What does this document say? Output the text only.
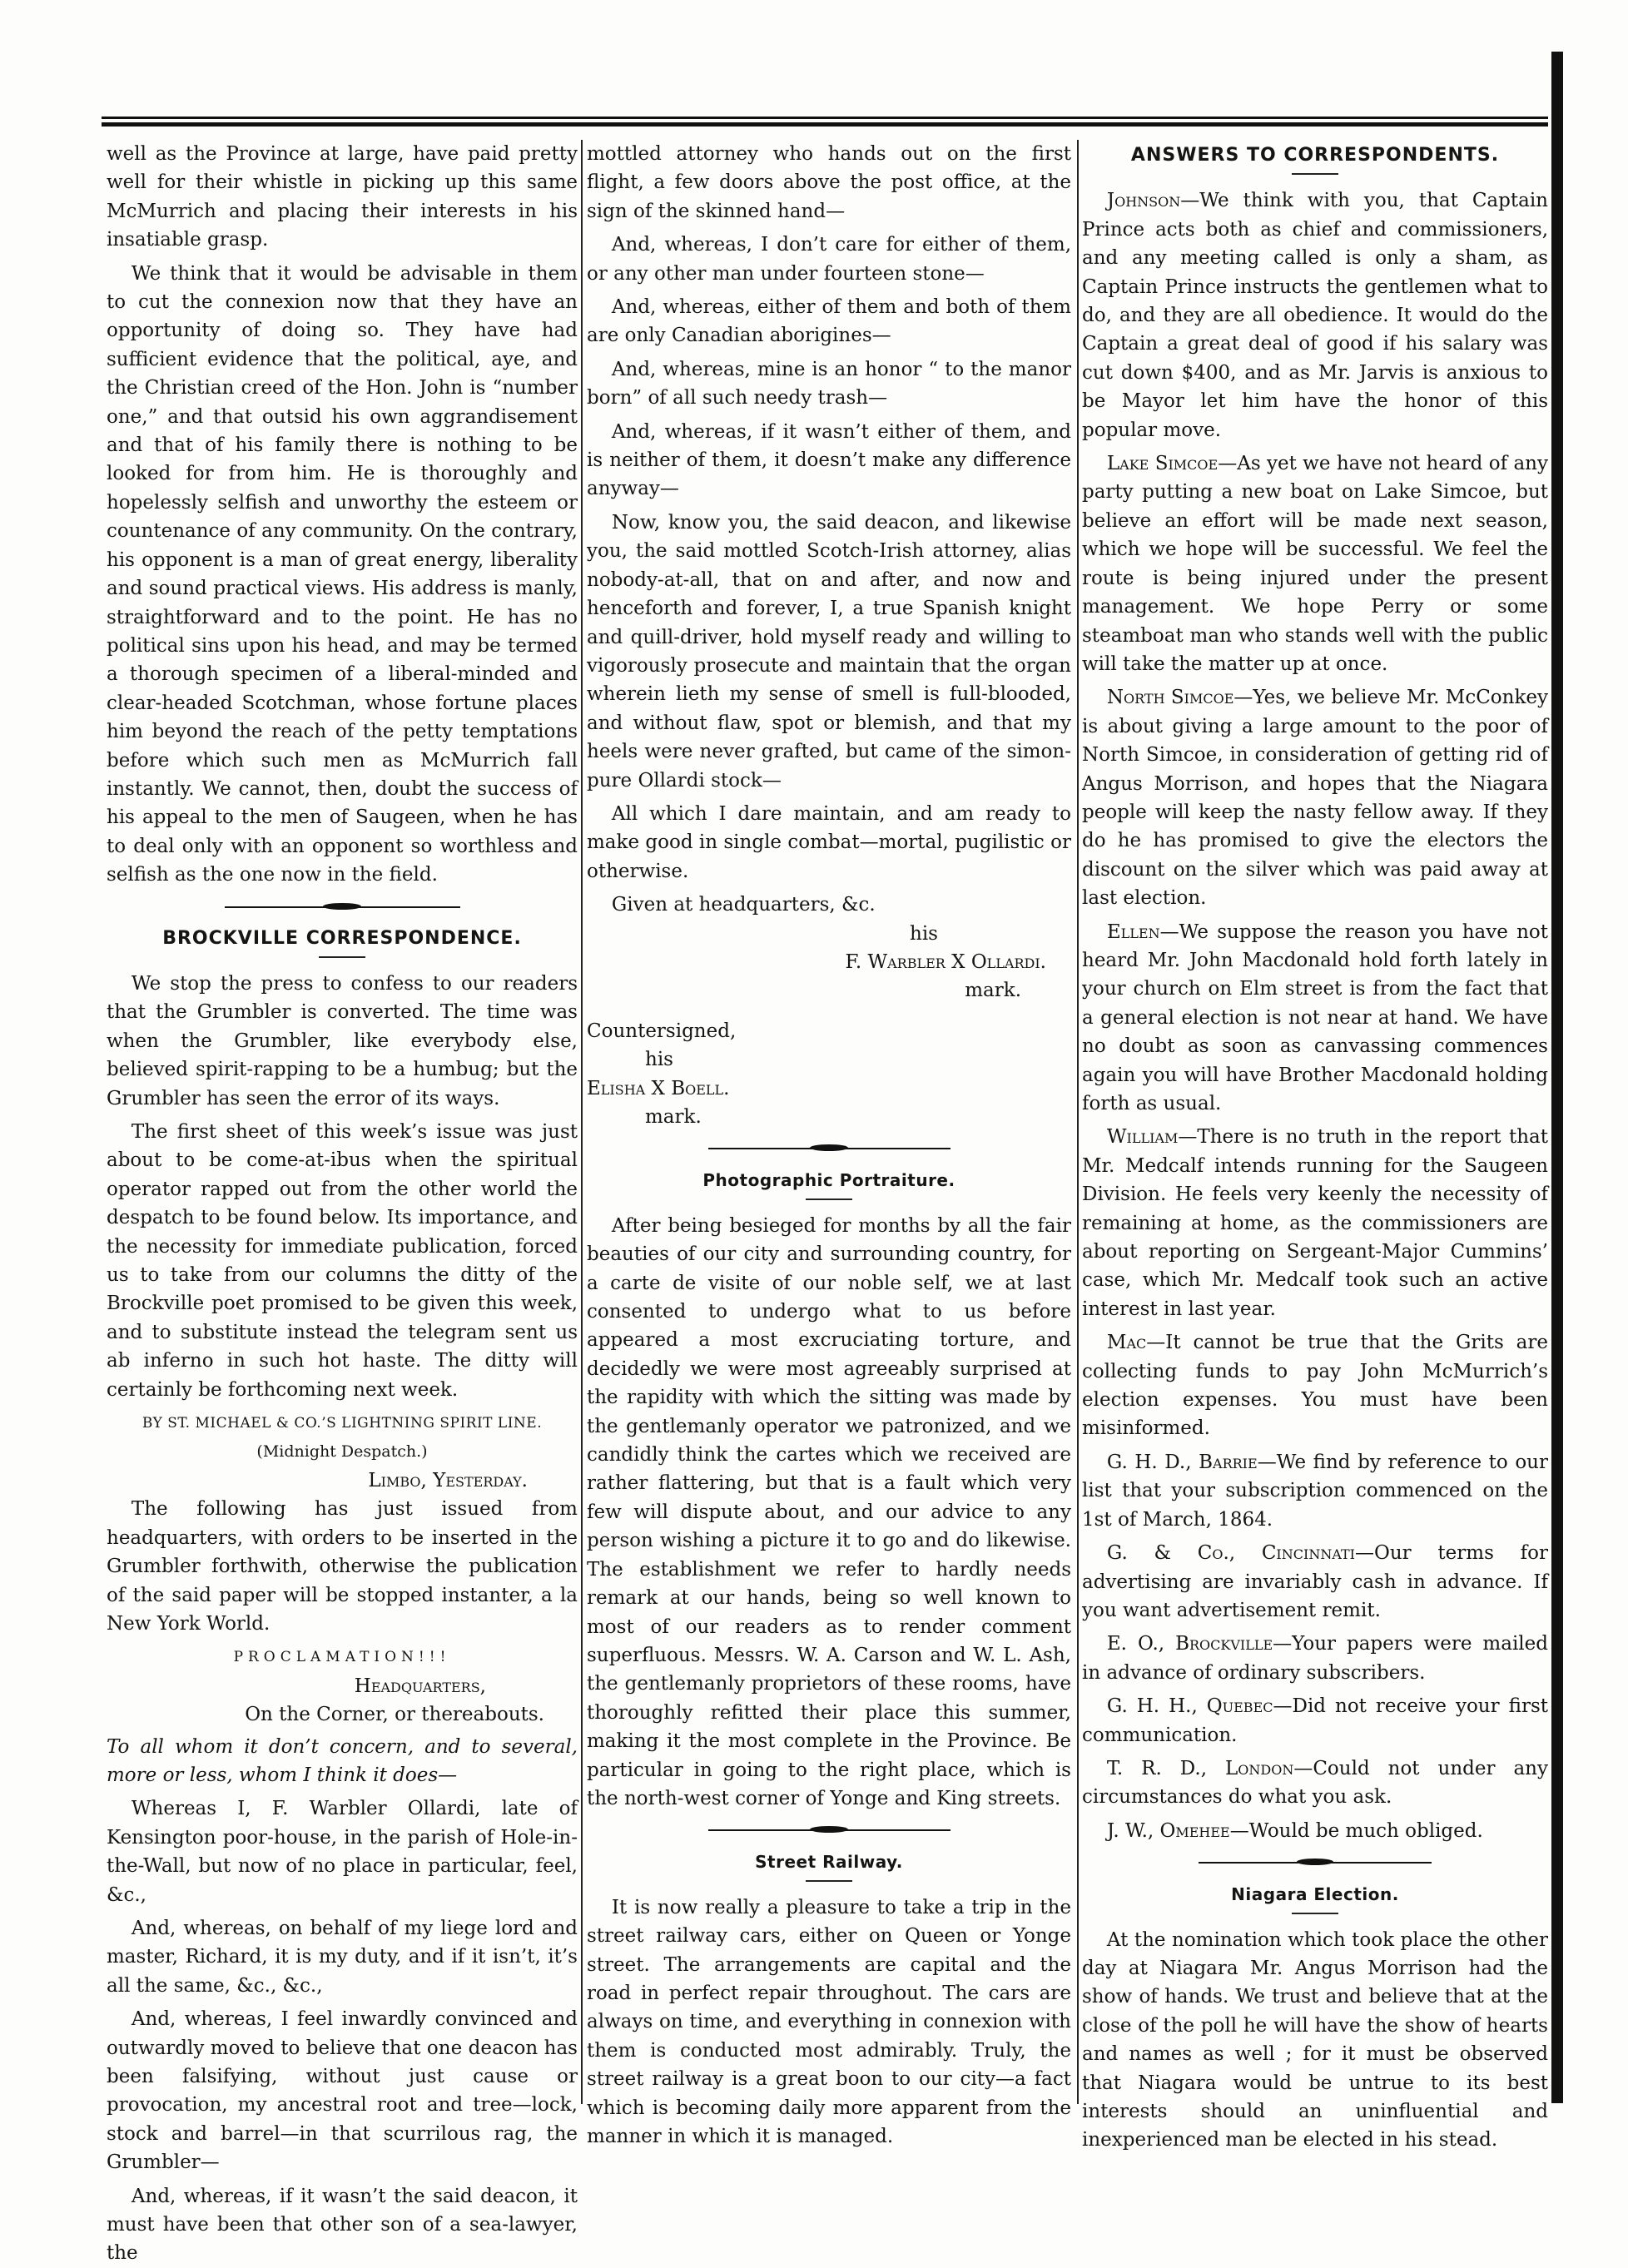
well as the Province at large, have paid pretty well for their whistle in picking up this same McMurrich and placing their interests in his insatiable grasp.

We think that it would be advisable in them to cut the connexion now that they have an opportunity of doing so. They have had sufficient evidence that the political, aye, and the Christian creed of the Hon. John is “number one,” and that outsid his own aggrandisement and that of his family there is nothing to be looked for from him. He is thoroughly and hopelessly selfish and unworthy the esteem or countenance of any community. On the contrary, his opponent is a man of great energy, liberality and sound practical views. His address is manly, straightforward and to the point. He has no political sins upon his head, and may be termed a thorough specimen of a liberal-minded and clear-headed Scotchman, whose fortune places him beyond the reach of the petty temptations before which such men as McMurrich fall instantly. We cannot, then, doubt the success of his appeal to the men of Saugeen, when he has to deal only with an opponent so worthless and selfish as the one now in the field.

BROCKVILLE CORRESPONDENCE.

We stop the press to confess to our readers that the Grumbler is converted. The time was when the Grumbler, like everybody else, believed spirit-rapping to be a humbug; but the Grumbler has seen the error of its ways.

The first sheet of this week’s issue was just about to be come-at-ibus when the spiritual operator rapped out from the other world the despatch to be found below. Its importance, and the necessity for immediate publication, forced us to take from our columns the ditty of the Brockville poet promised to be given this week, and to substitute instead the telegram sent us ab inferno in such hot haste. The ditty will certainly be forthcoming next week.

BY ST. MICHAEL & CO.’S LIGHTNING SPIRIT LINE.

(Midnight Despatch.)

Limbo, Yesterday.

The following has just issued from headquarters, with orders to be inserted in the Grumbler forthwith, otherwise the publication of the said paper will be stopped instanter, a la New York World.

PROCLAMATION!!!

Headquarters,

On the Corner, or thereabouts.

To all whom it don’t concern, and to several, more or less, whom I think it does—

Whereas I, F. Warbler Ollardi, late of Kensington poor-house, in the parish of Hole-in-the-Wall, but now of no place in particular, feel, &c.,

And, whereas, on behalf of my liege lord and master, Richard, it is my duty, and if it isn’t, it’s all the same, &c., &c.,

And, whereas, I feel inwardly convinced and outwardly moved to believe that one deacon has been falsifying, without just cause or provocation, my ancestral root and tree—lock, stock and barrel—in that scurrilous rag, the Grumbler—

And, whereas, if it wasn’t the said deacon, it must have been that other son of a sea-lawyer, the

mottled attorney who hands out on the first flight, a few doors above the post office, at the sign of the skinned hand—

And, whereas, I don’t care for either of them, or any other man under fourteen stone—

And, whereas, either of them and both of them are only Canadian aborigines—

And, whereas, mine is an honor “ to the manor born” of all such needy trash—

And, whereas, if it wasn’t either of them, and is neither of them, it doesn’t make any difference anyway—

Now, know you, the said deacon, and likewise you, the said mottled Scotch-Irish attorney, alias nobody-at-all, that on and after, and now and henceforth and forever, I, a true Spanish knight and quill-driver, hold myself ready and willing to vigorously prosecute and maintain that the organ wherein lieth my sense of smell is full-blooded, and without flaw, spot or blemish, and that my heels were never grafted, but came of the simon-pure Ollardi stock—

All which I dare maintain, and am ready to make good in single combat—mortal, pugilistic or otherwise.

Given at headquarters, &c.

his

F. Warbler X Ollardi.

mark.

Countersigned,

his

Elisha X Boell.

mark.

Photographic Portraiture.

After being besieged for months by all the fair beauties of our city and surrounding country, for a carte de visite of our noble self, we at last consented to undergo what to us before appeared a most excruciating torture, and decidedly we were most agreeably surprised at the rapidity with which the sitting was made by the gentlemanly operator we patronized, and we candidly think the cartes which we received are rather flattering, but that is a fault which very few will dispute about, and our advice to any person wishing a picture it to go and do likewise. The establishment we refer to hardly needs remark at our hands, being so well known to most of our readers as to render comment superfluous. Messrs. W. A. Carson and W. L. Ash, the gentlemanly proprietors of these rooms, have thoroughly refitted their place this summer, making it the most complete in the Province. Be particular in going to the right place, which is the north-west corner of Yonge and King streets.

Street Railway.

It is now really a pleasure to take a trip in the street railway cars, either on Queen or Yonge street. The arrangements are capital and the road in perfect repair throughout. The cars are always on time, and everything in connexion with them is conducted most admirably. Truly, the street railway is a great boon to our city—a fact which is becoming daily more apparent from the manner in which it is managed.

ANSWERS TO CORRESPONDENTS.

Johnson—We think with you, that Captain Prince acts both as chief and commissioners, and any meeting called is only a sham, as Captain Prince instructs the gentlemen what to do, and they are all obedience. It would do the Captain a great deal of good if his salary was cut down $400, and as Mr. Jarvis is anxious to be Mayor let him have the honor of this popular move.

Lake Simcoe—As yet we have not heard of any party putting a new boat on Lake Simcoe, but believe an effort will be made next season, which we hope will be successful. We feel the route is being injured under the present management. We hope Perry or some steamboat man who stands well with the public will take the matter up at once.

North Simcoe—Yes, we believe Mr. McConkey is about giving a large amount to the poor of North Simcoe, in consideration of getting rid of Angus Morrison, and hopes that the Niagara people will keep the nasty fellow away. If they do he has promised to give the electors the discount on the silver which was paid away at last election.

Ellen—We suppose the reason you have not heard Mr. John Macdonald hold forth lately in your church on Elm street is from the fact that a general election is not near at hand. We have no doubt as soon as canvassing commences again you will have Brother Macdonald holding forth as usual.

William—There is no truth in the report that Mr. Medcalf intends running for the Saugeen Division. He feels very keenly the necessity of remaining at home, as the commissioners are about reporting on Sergeant-Major Cummins’ case, which Mr. Medcalf took such an active interest in last year.

Mac—It cannot be true that the Grits are collecting funds to pay John McMurrich’s election expenses. You must have been misinformed.

G. H. D., Barrie—We find by reference to our list that your subscription commenced on the 1st of March, 1864.

G. & Co., Cincinnati—Our terms for advertising are invariably cash in advance. If you want advertisement remit.

E. O., Brockville—Your papers were mailed in advance of ordinary subscribers.

G. H. H., Quebec—Did not receive your first communication.

T. R. D., London—Could not under any circumstances do what you ask.

J. W., Omehee—Would be much obliged.

Niagara Election.

At the nomination which took place the other day at Niagara Mr. Angus Morrison had the show of hands. We trust and believe that at the close of the poll he will have the show of hearts and names as well ; for it must be observed that Niagara would be untrue to its best interests should an uninfluential and inexperienced man be elected in his stead.
